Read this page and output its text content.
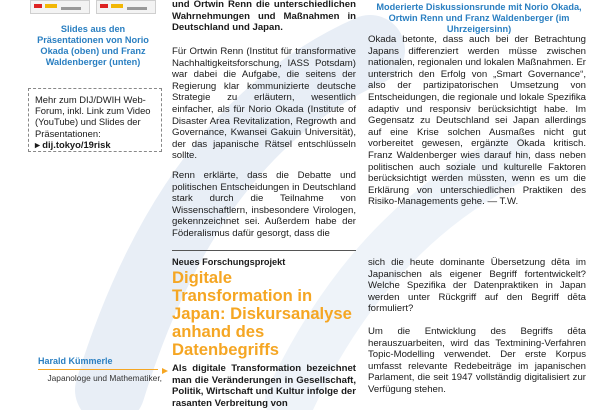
Slides aus den Präsentationen von Norio Okada (oben) und Franz Waldenberger (unten)
Mehr zum DIJ/DWIH Web-Forum, inkl. Link zum Video (YouTube) und Slides der Präsentationen:
▸ dij.tokyo/19risk
Harald Kümmerle
Japanologe und Mathematiker,

und Ortwin Renn die unterschiedlichen Wahrnehmungen und Maßnahmen in Deutschland und Japan.

Für Ortwin Renn (Institut für transformative Nachhaltigkeitsforschung, IASS Potsdam) war dabei die Aufgabe, die seitens der Regierung klar kommunizierte deutsche Strategie zu erläutern, wesentlich einfacher, als für Norio Okada (Institute of Disaster Area Revitalization, Regrowth and Governance, Kwansei Gakuin Universität), der das japanische Rätsel entschlüsseln sollte.

Renn erklärte, dass die Debatte und politischen Entscheidungen in Deutschland stark durch die Teilnahme von Wissenschaftlern, insbesondere Virologen, gekennzeichnet sei. Außerdem habe der Föderalismus dafür gesorgt, dass die

Neues Forschungsprojekt
Digitale Transformation in Japan: Diskursanalyse anhand des Datenbegriffs

Als digitale Transformation bezeichnet man die Veränderungen in Gesellschaft, Politik, Wirtschaft und Kultur infolge der rasanten Verbreitung von

Moderierte Diskussionsrunde mit Norio Okada, Ortwin Renn und Franz Waldenberger (im Uhrzeigersinn)

Okada betonte, dass auch bei der Betrachtung Japans differenziert werden müsse zwischen nationalen, regionalen und lokalen Maßnahmen. Er unterstrich den Erfolg von „Smart Governance“, also der partizipatorischen Umsetzung von Entscheidungen, die regionale und lokale Spezifika adaptiv und responsiv berücksichtigt habe. Im Gegensatz zu Deutschland sei Japan allerdings auf eine Krise solchen Ausmaßes nicht gut vorbereitet gewesen, ergänzte Okada kritisch. Franz Waldenberger wies darauf hin, dass neben politischen auch soziale und kulturelle Faktoren berücksichtigt werden müssten, wenn es um die Erklärung von unterschiedlichen Praktiken des Risiko-Managements gehe. — T.W.

sich die heute dominante Übersetzung dēta im Japanischen als eigener Begriff fortentwickelt? Welche Spezifika der Datenpraktiken in Japan werden unter Rückgriff auf den Begriff dēta formuliert?

Um die Entwicklung des Begriffs dēta herauszuarbeiten, wird das Textmining-Verfahren Topic-Modelling verwendet. Der erste Korpus umfasst relevante Redebeiträge im japanischen Parlament, die seit 1947 vollständig digitalisiert zur Verfügung stehen.
